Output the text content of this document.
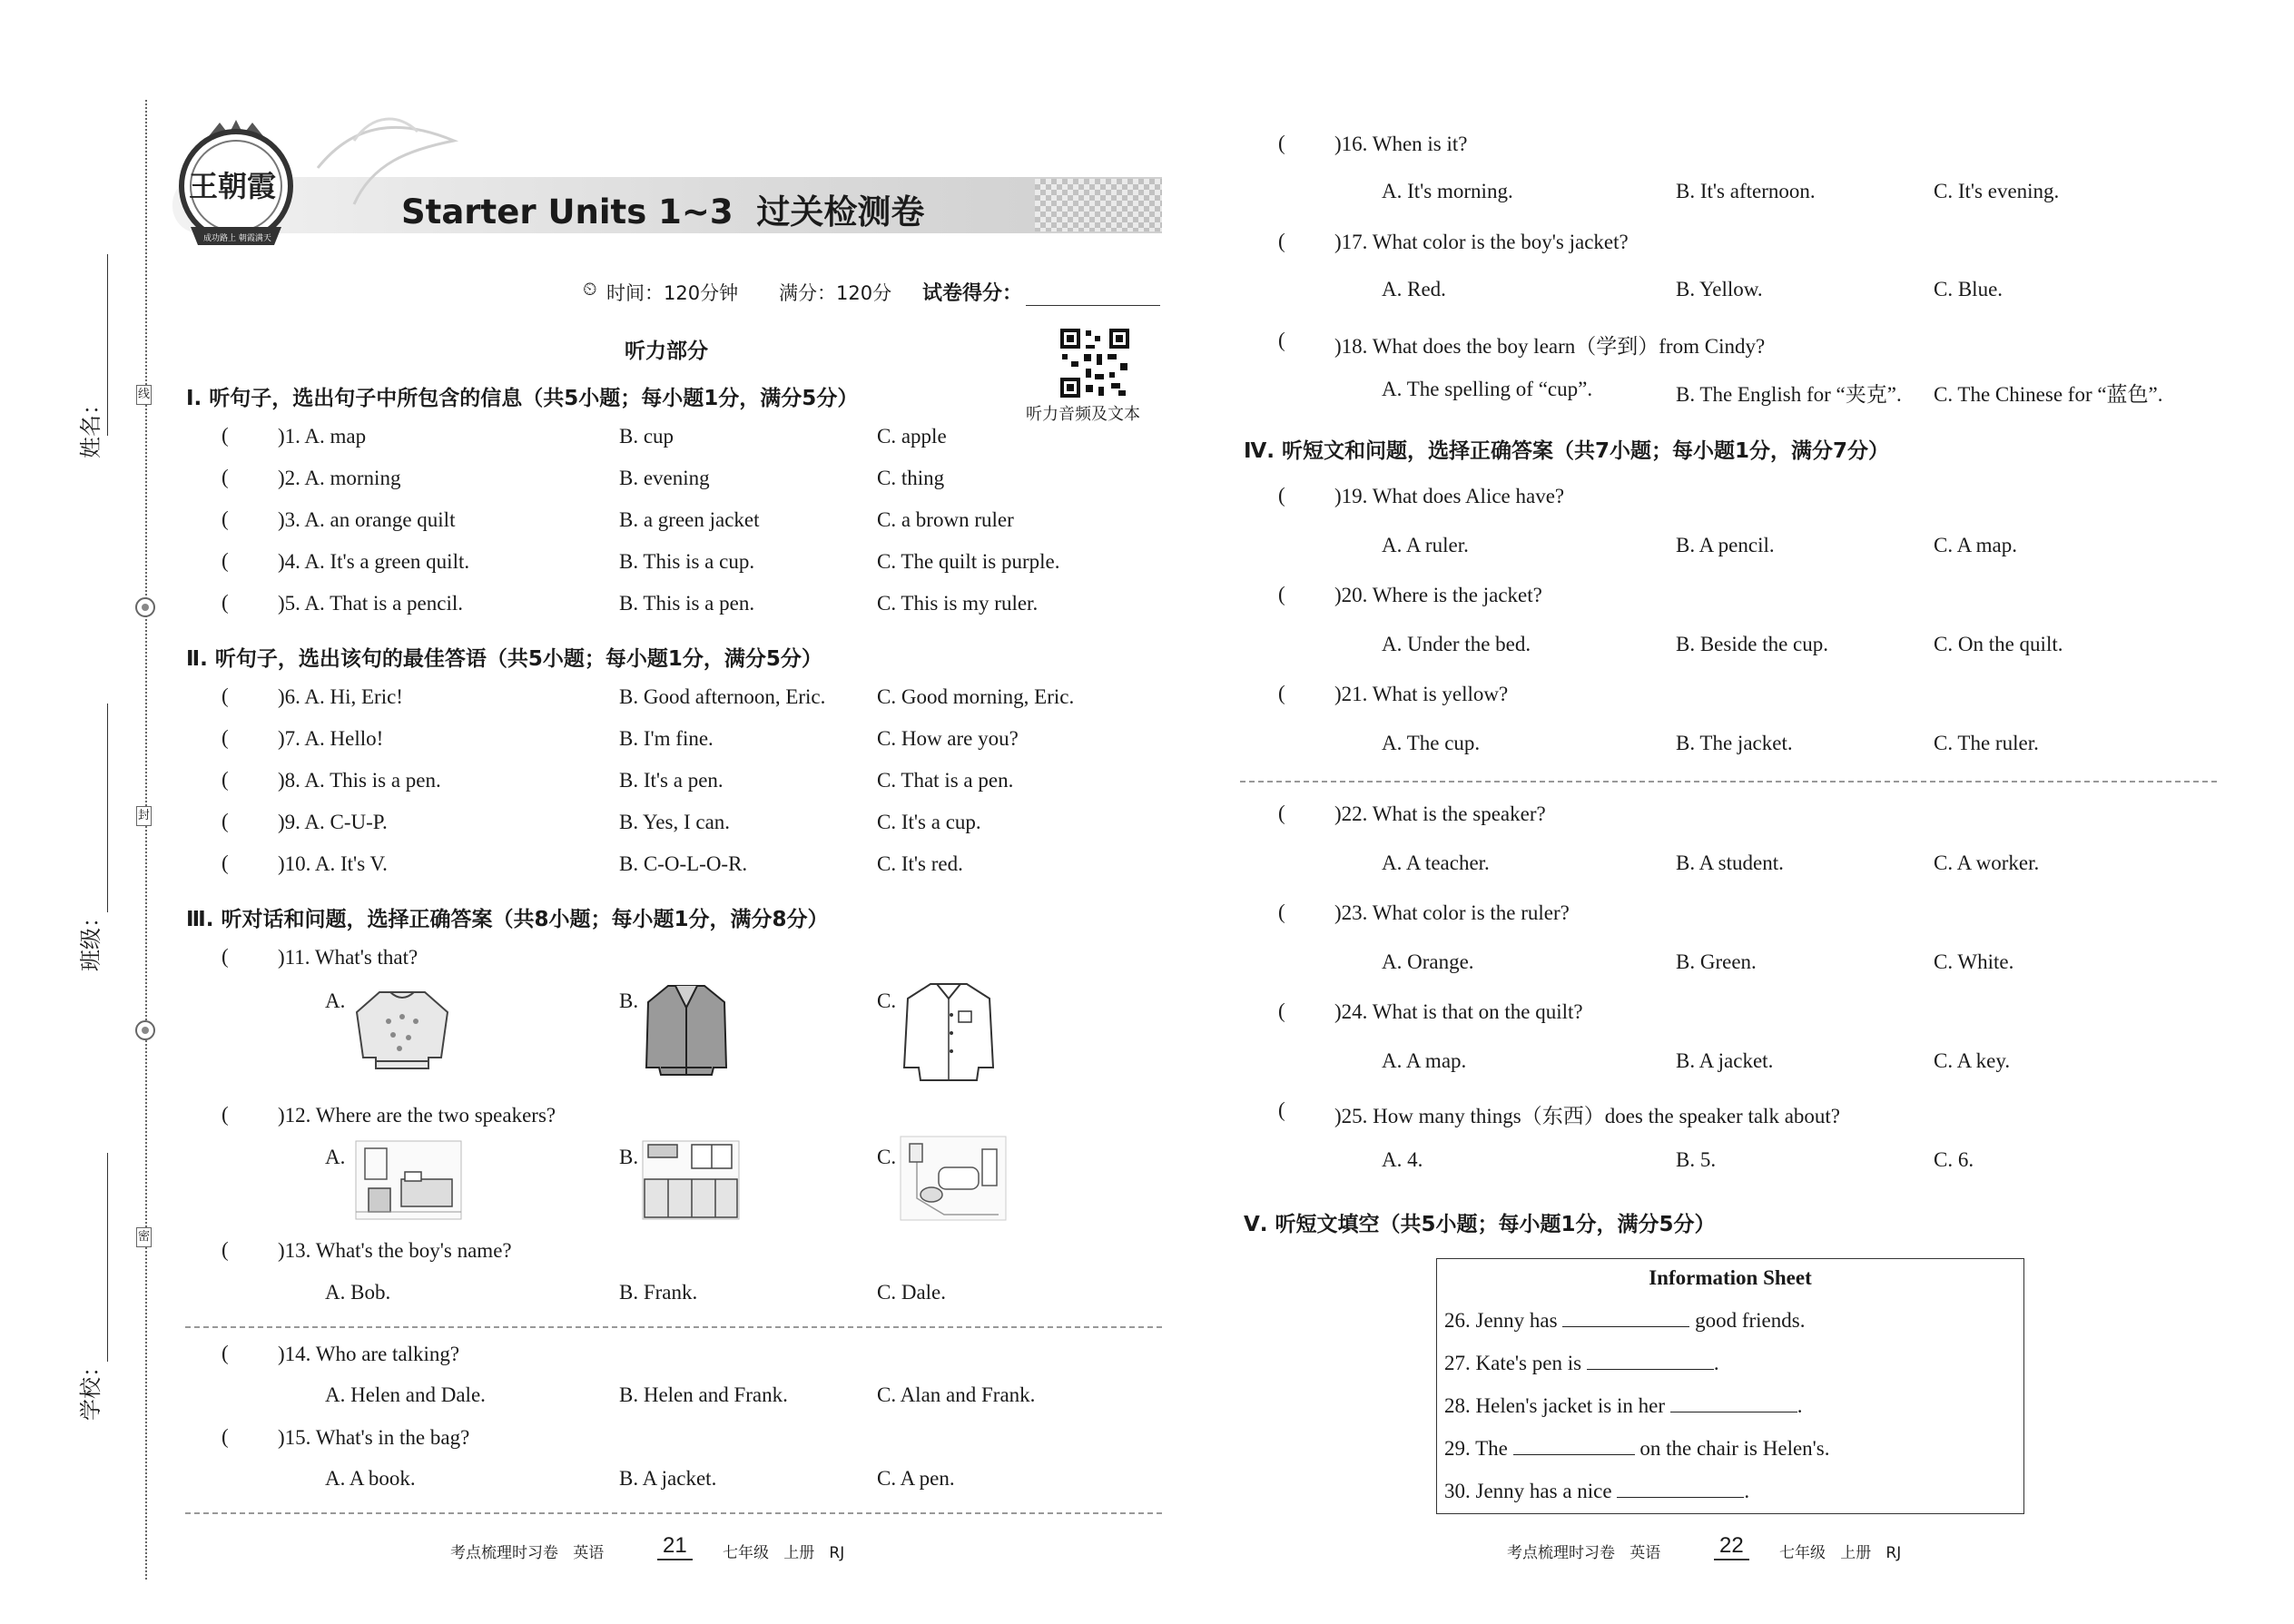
姓名：
班级：
学校：
线
封
密
王朝霞
成功路上 朝霞满天
Starter Units 1~3  过关检测卷
⏲ 时间：120分钟 满分：120分 试卷得分：
听力部分
听力音频及文本
Ⅰ. 听句子，选出句子中所包含的信息（共5小题；每小题1分，满分5分）
( )1. A. map	B. cup	C. apple
( )2. A. morning	B. evening	C. thing
( )3. A. an orange quilt	B. a green jacket	C. a brown ruler
( )4. A. It's a green quilt.	B. This is a cup.	C. The quilt is purple.
( )5. A. That is a pencil.	B. This is a pen.	C. This is my ruler.
Ⅱ. 听句子，选出该句的最佳答语（共5小题；每小题1分，满分5分）
( )6. A. Hi, Eric!	B. Good afternoon, Eric. C. Good morning, Eric.
( )7. A. Hello!	B. I'm fine.	C. How are you?
( )8. A. This is a pen.	B. It's a pen.	C. That is a pen.
( )9. A. C-U-P.	B. Yes, I can.	C. It's a cup.
( )10. A. It's V.	B. C-O-L-O-R.	C. It's red.
Ⅲ. 听对话和问题，选择正确答案（共8小题；每小题1分，满分8分）
( )11. What's that?
A.	B.	C.
( )12. Where are the two speakers?
A.	B.	C.
( )13. What's the boy's name?
A. Bob.	B. Frank.	C. Dale.
( )14. Who are talking?
A. Helen and Dale.	B. Helen and Frank.	C. Alan and Frank.
( )15. What's in the bag?
A. A book.	B. A jacket.	C. A pen.
考点梳理时习卷   英语	21	七年级   上册   RJ
( )16. When is it?
A. It's morning.	B. It's afternoon.	C. It's evening.
( )17. What color is the boy's jacket?
A. Red.	B. Yellow.	C. Blue.
( )18. What does the boy learn（学到）from Cindy?
A. The spelling of “cup”.	B. The English for “夹克”. C. The Chinese for “蓝色”.
Ⅳ. 听短文和问题，选择正确答案（共7小题；每小题1分，满分7分）
( )19. What does Alice have?
A. A ruler.	B. A pencil.	C. A map.
( )20. Where is the jacket?
A. Under the bed.	B. Beside the cup.	C. On the quilt.
( )21. What is yellow?
A. The cup.	B. The jacket.	C. The ruler.
( )22. What is the speaker?
A. A teacher.	B. A student.	C. A worker.
( )23. What color is the ruler?
A. Orange.	B. Green.	C. White.
( )24. What is that on the quilt?
A. A map.	B. A jacket.	C. A key.
( )25. How many things（东西）does the speaker talk about?
A. 4.	B. 5.	C. 6.
Ⅴ. 听短文填空（共5小题；每小题1分，满分5分）
Information Sheet
26. Jenny has	good friends.
27. Kate's pen is	.
28. Helen's jacket is in her	.
29. The	on the chair is Helen's.
30. Jenny has a nice	.
考点梳理时习卷   英语	22	七年级   上册   RJ
